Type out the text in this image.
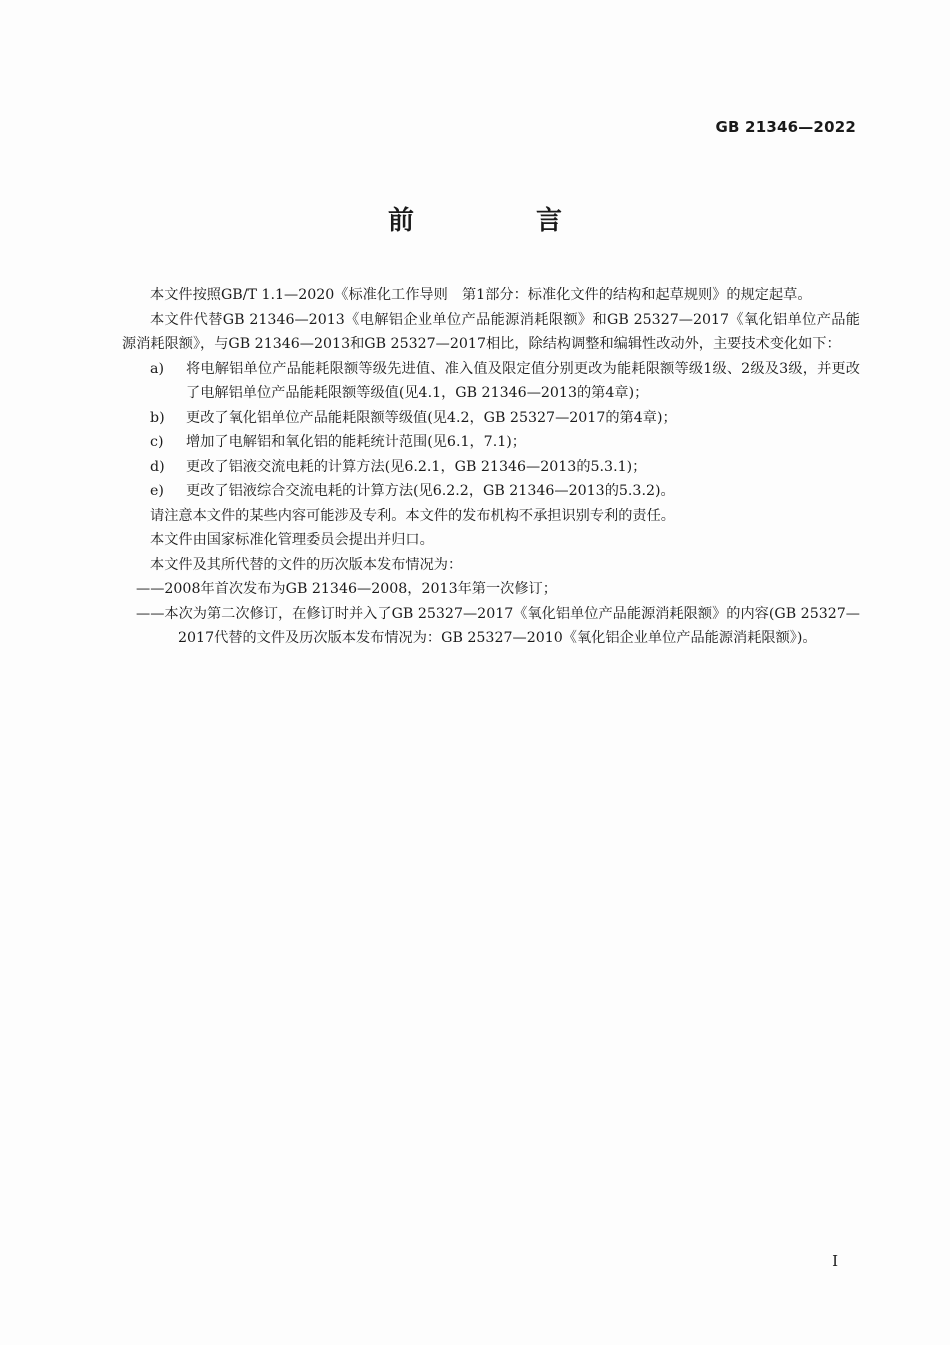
GB 21346—2022
前　言

本文件按照GB/T 1.1—2020《标准化工作导则　第1部分：标准化文件的结构和起草规则》的规定起草。

本文件代替GB 21346—2013《电解铝企业单位产品能源消耗限额》和GB 25327—2017《氧化铝单位产品能源消耗限额》，与GB 21346—2013和GB 25327—2017相比，除结构调整和编辑性改动外，主要技术变化如下：

a)	将电解铝单位产品能耗限额等级先进值、准入值及限定值分别更改为能耗限额等级1级、2级及3级，并更改了电解铝单位产品能耗限额等级值(见4.1，GB 21346—2013的第4章)；
b)	更改了氧化铝单位产品能耗限额等级值(见4.2，GB 25327—2017的第4章)；
c)	增加了电解铝和氧化铝的能耗统计范围(见6.1，7.1)；
d)	更改了铝液交流电耗的计算方法(见6.2.1，GB 21346—2013的5.3.1)；
e)	更改了铝液综合交流电耗的计算方法(见6.2.2，GB 21346—2013的5.3.2)。

请注意本文件的某些内容可能涉及专利。本文件的发布机构不承担识别专利的责任。

本文件由国家标准化管理委员会提出并归口。

本文件及其所代替的文件的历次版本发布情况为：

——2008年首次发布为GB 21346—2008，2013年第一次修订；

——本次为第二次修订，在修订时并入了GB 25327—2017《氧化铝单位产品能源消耗限额》的内容(GB 25327—2017代替的文件及历次版本发布情况为：GB 25327—2010《氧化铝企业单位产品能源消耗限额》)。

I
